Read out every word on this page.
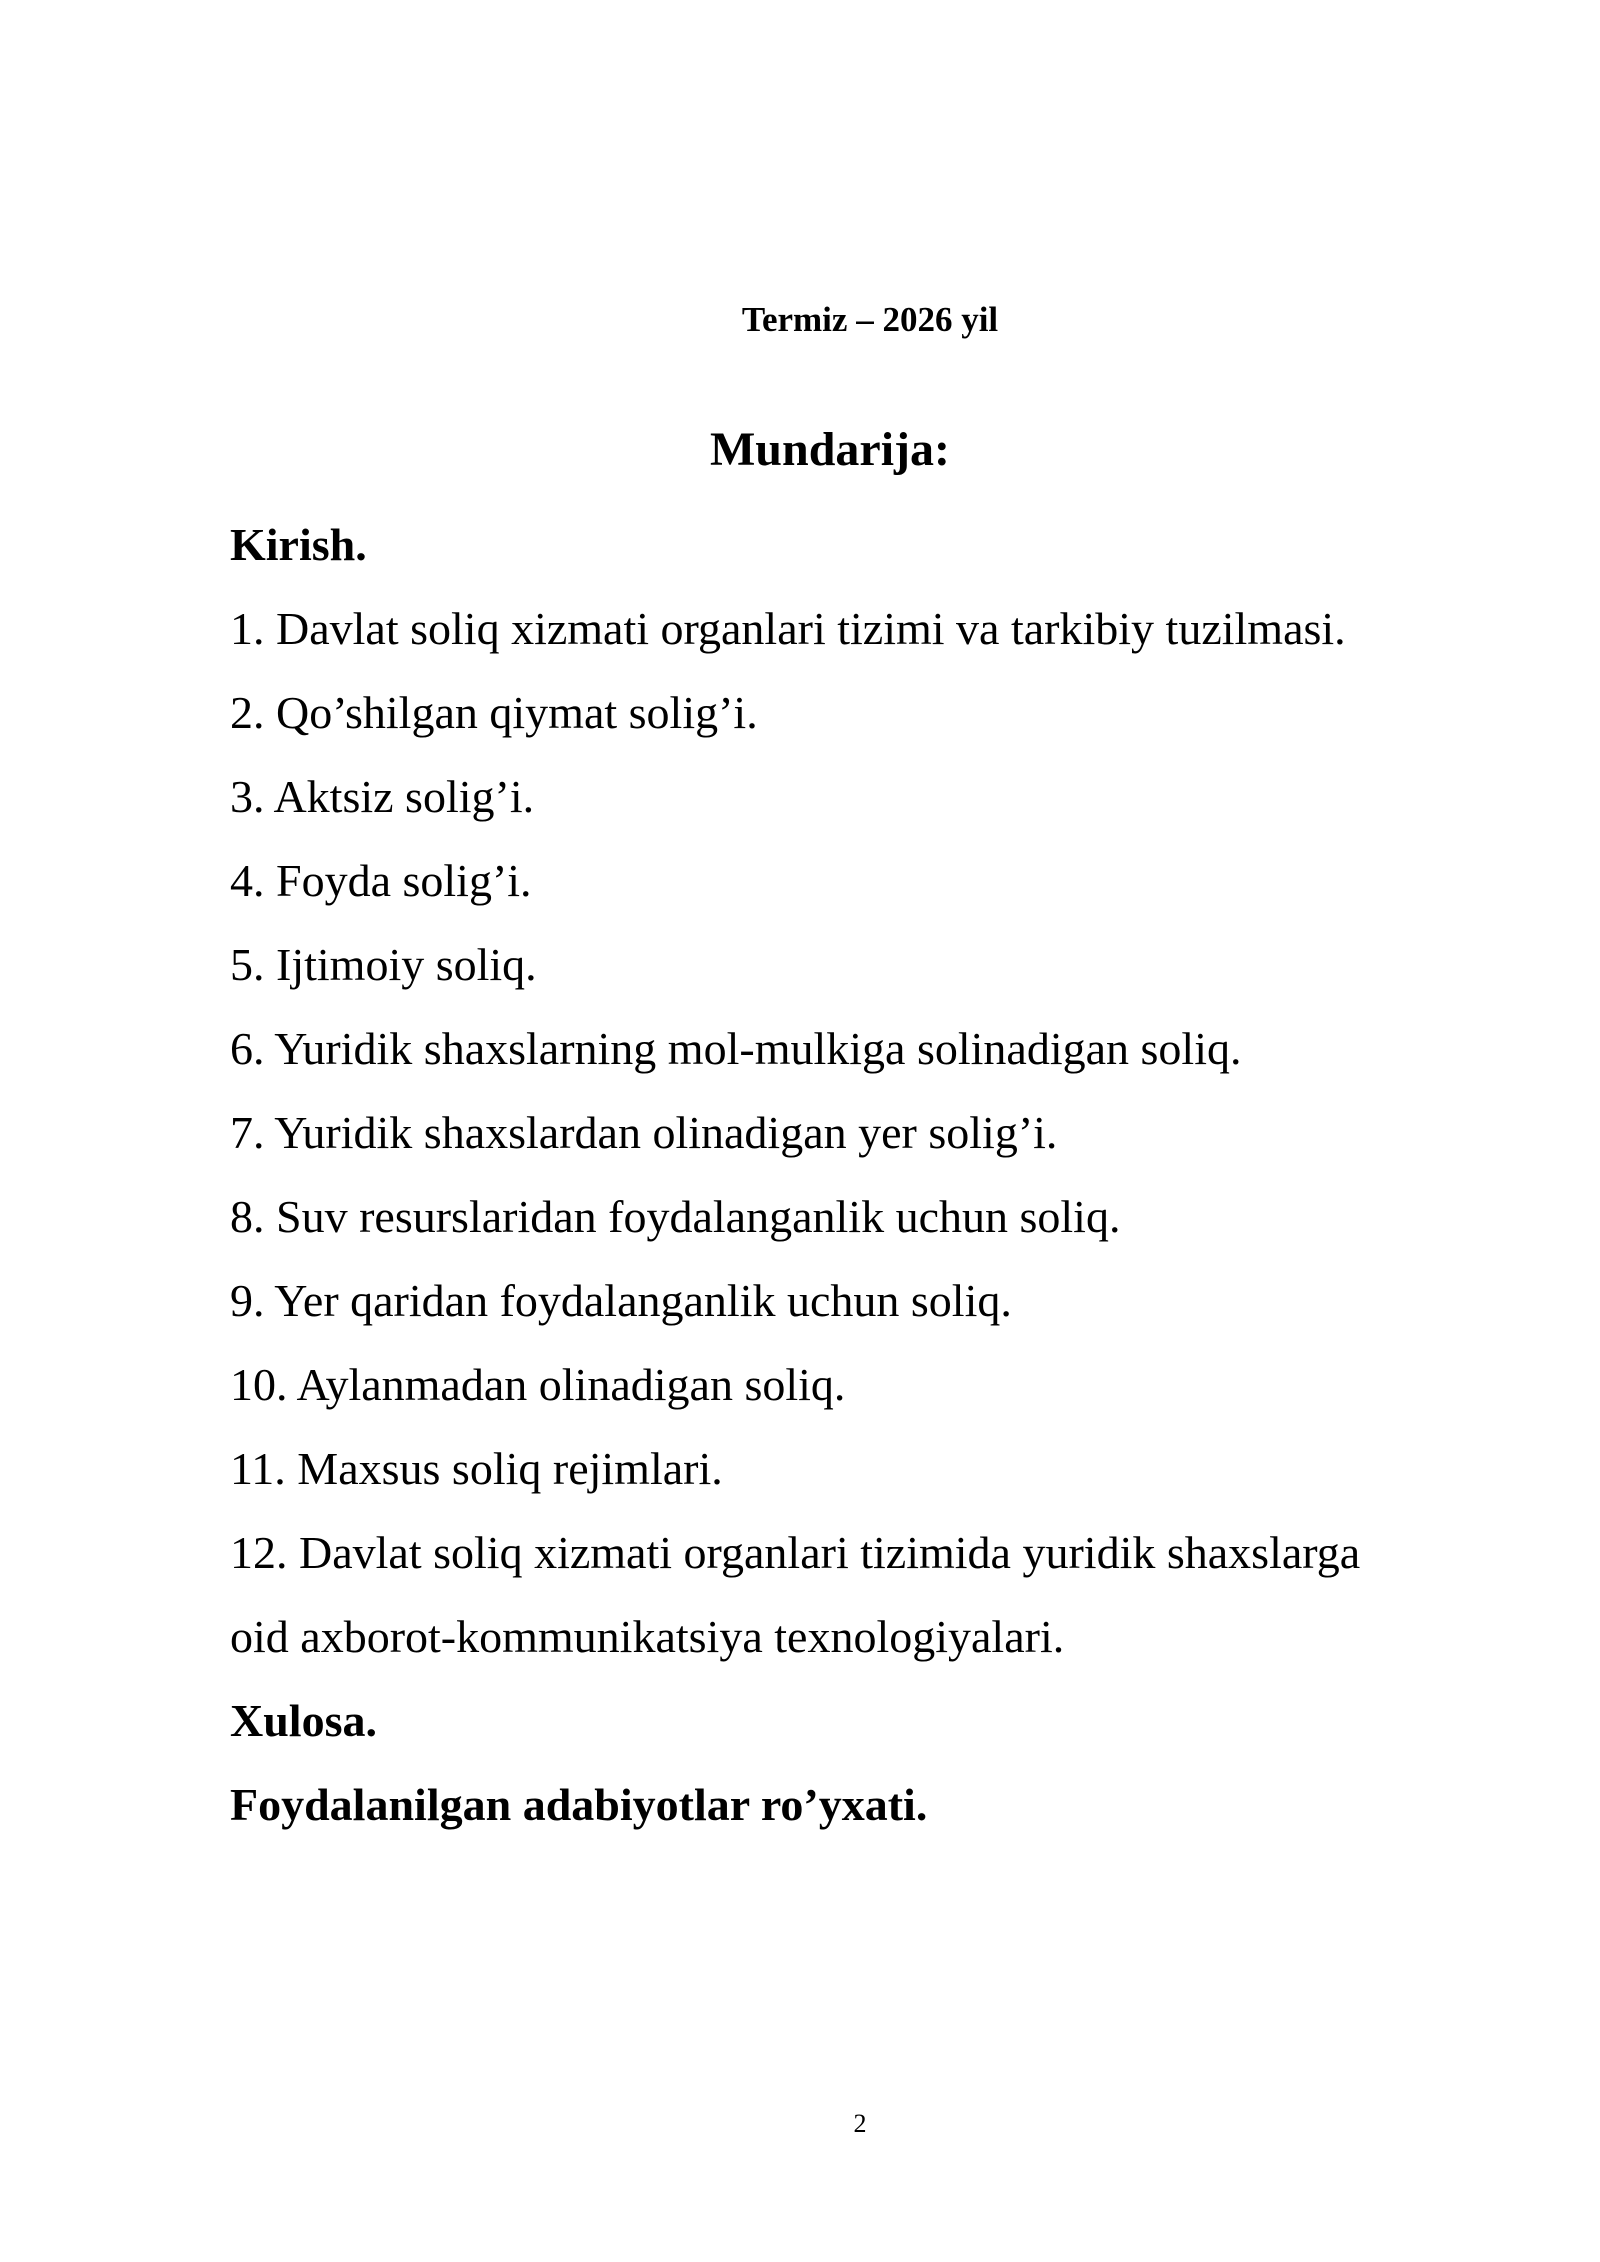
Termiz – 2026 yil
Mundarija:
Kirish.
1. Davlat soliq xizmati organlari tizimi va tarkibiy tuzilmasi.
2. Qo’shilgan qiymat solig’i.
3. Aktsiz solig’i.
4. Foyda solig’i.
5. Ijtimoiy soliq.
6. Yuridik shaxslarning mol-mulkiga solinadigan soliq.
7. Yuridik shaxslardan olinadigan yer solig’i.
8. Suv resurslaridan foydalanganlik uchun soliq.
9. Yer qaridan foydalanganlik uchun soliq.
10. Aylanmadan olinadigan soliq.
11. Maxsus soliq rejimlari.
12. Davlat soliq xizmati organlari tizimida yuridik shaxslarga
oid axborot-kommunikatsiya texnologiyalari.
Xulosa.
Foydalanilgan adabiyotlar ro’yxati.
2
